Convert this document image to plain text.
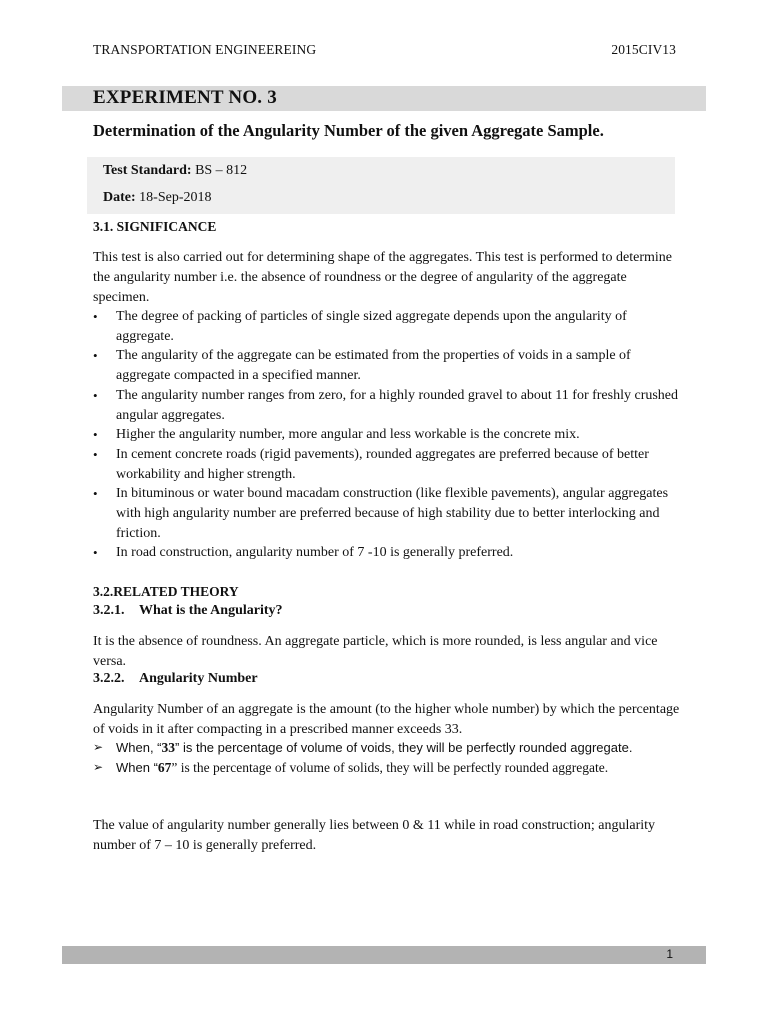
TRANSPORTATION ENGINEEREING	2015CIV13
EXPERIMENT NO. 3
Determination of the Angularity Number of the given Aggregate Sample.
Test Standard: BS – 812
Date: 18-Sep-2018
3.1. SIGNIFICANCE
This test is also carried out for determining shape of the aggregates. This test is performed to determine the angularity number i.e. the absence of roundness or the degree of angularity of the aggregate specimen.
• The degree of packing of particles of single sized aggregate depends upon the angularity of aggregate.
• The angularity of the aggregate can be estimated from the properties of voids in a sample of aggregate compacted in a specified manner.
• The angularity number ranges from zero, for a highly rounded gravel to about 11 for freshly crushed angular aggregates.
• Higher the angularity number, more angular and less workable is the concrete mix.
• In cement concrete roads (rigid pavements), rounded aggregates are preferred because of better workability and higher strength.
• In bituminous or water bound macadam construction (like flexible pavements), angular aggregates with high angularity number are preferred because of high stability due to better interlocking and friction.
• In road construction, angularity number of 7 -10 is generally preferred.
3.2.RELATED THEORY
3.2.1. What is the Angularity?
It is the absence of roundness. An aggregate particle, which is more rounded, is less angular and vice versa.
3.2.2. Angularity Number
Angularity Number of an aggregate is the amount (to the higher whole number) by which the percentage of voids in it after compacting in a prescribed manner exceeds 33.
➢ When, “33” is the percentage of volume of voids, they will be perfectly rounded aggregate.
➢ When “67” is the percentage of volume of solids, they will be perfectly rounded aggregate.
The value of angularity number generally lies between 0 & 11 while in road construction; angularity number of 7 – 10 is generally preferred.
1
